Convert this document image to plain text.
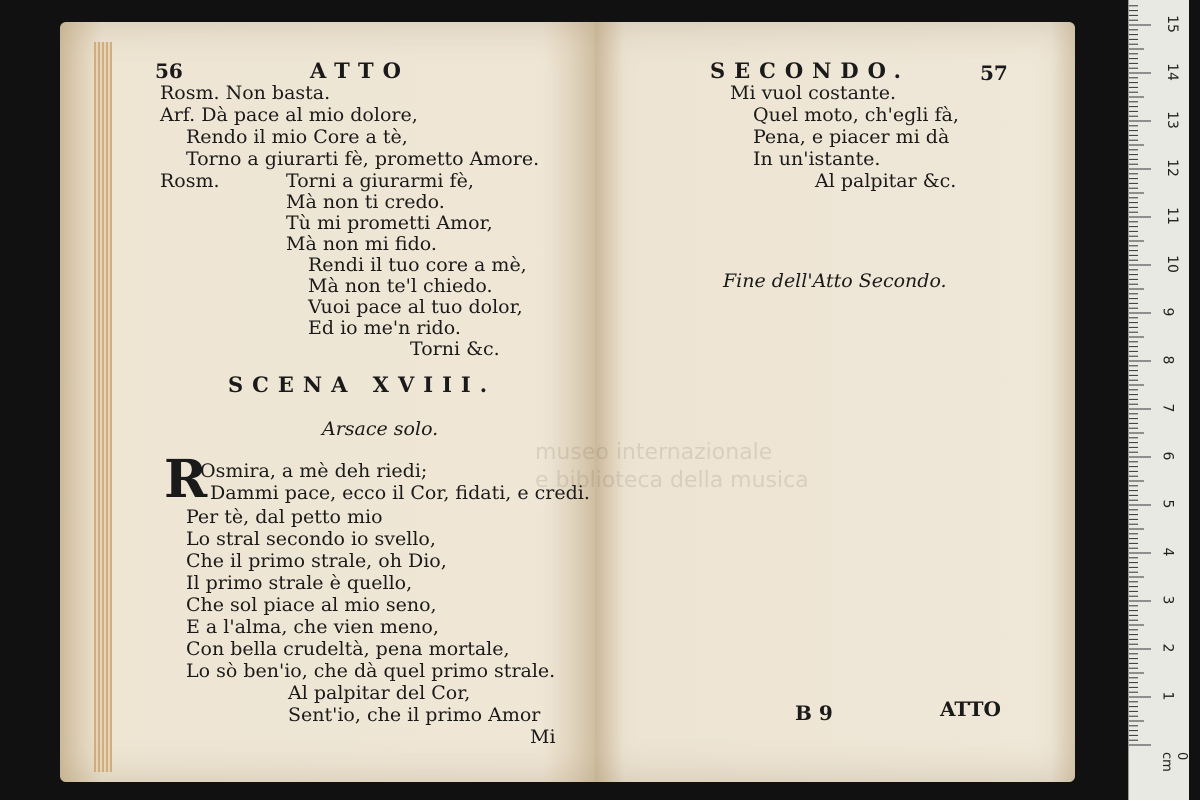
56	ATTO
Rosm. Non basta.
Arf. Dà pace al mio dolore,
Rendo il mio Core a tè,
Torno a giurarti fè, prometto Amore.
Rosm.	Torni a giurarmi fè,
Mà non ti credo.
Tù mi prometti Amor,
Mà non mi fido.
Rendi il tuo core a mè,
Mà non te'l chiedo.
Vuoi pace al tuo dolor,
Ed io me'n rido.
Torni &c.
SCENA XVIII.
Arsace solo.
R
Osmira, a mè deh riedi;
Dammi pace, ecco il Cor, fidati, e credi.
Per tè, dal petto mio
Lo stral secondo io svello,
Che il primo strale, oh Dio,
Il primo strale è quello,
Che sol piace al mio seno,
E a l'alma, che vien meno,
Con bella crudeltà, pena mortale,
Lo sò ben'io, che dà quel primo strale.
Al palpitar del Cor,
Sent'io, che il primo Amor
Mi
museo internazionale
e biblioteca della musica
SECONDO.	57
Mi vuol costante.
Quel moto, ch'egli fà,
Pena, e piacer mi dà
In un'istante.
Al palpitar &c.
Fine dell'Atto Secondo.
B 9	ATTO
1
2
3
4
5
6
7
8
9
10
11
12
13
14
15
0 cm
